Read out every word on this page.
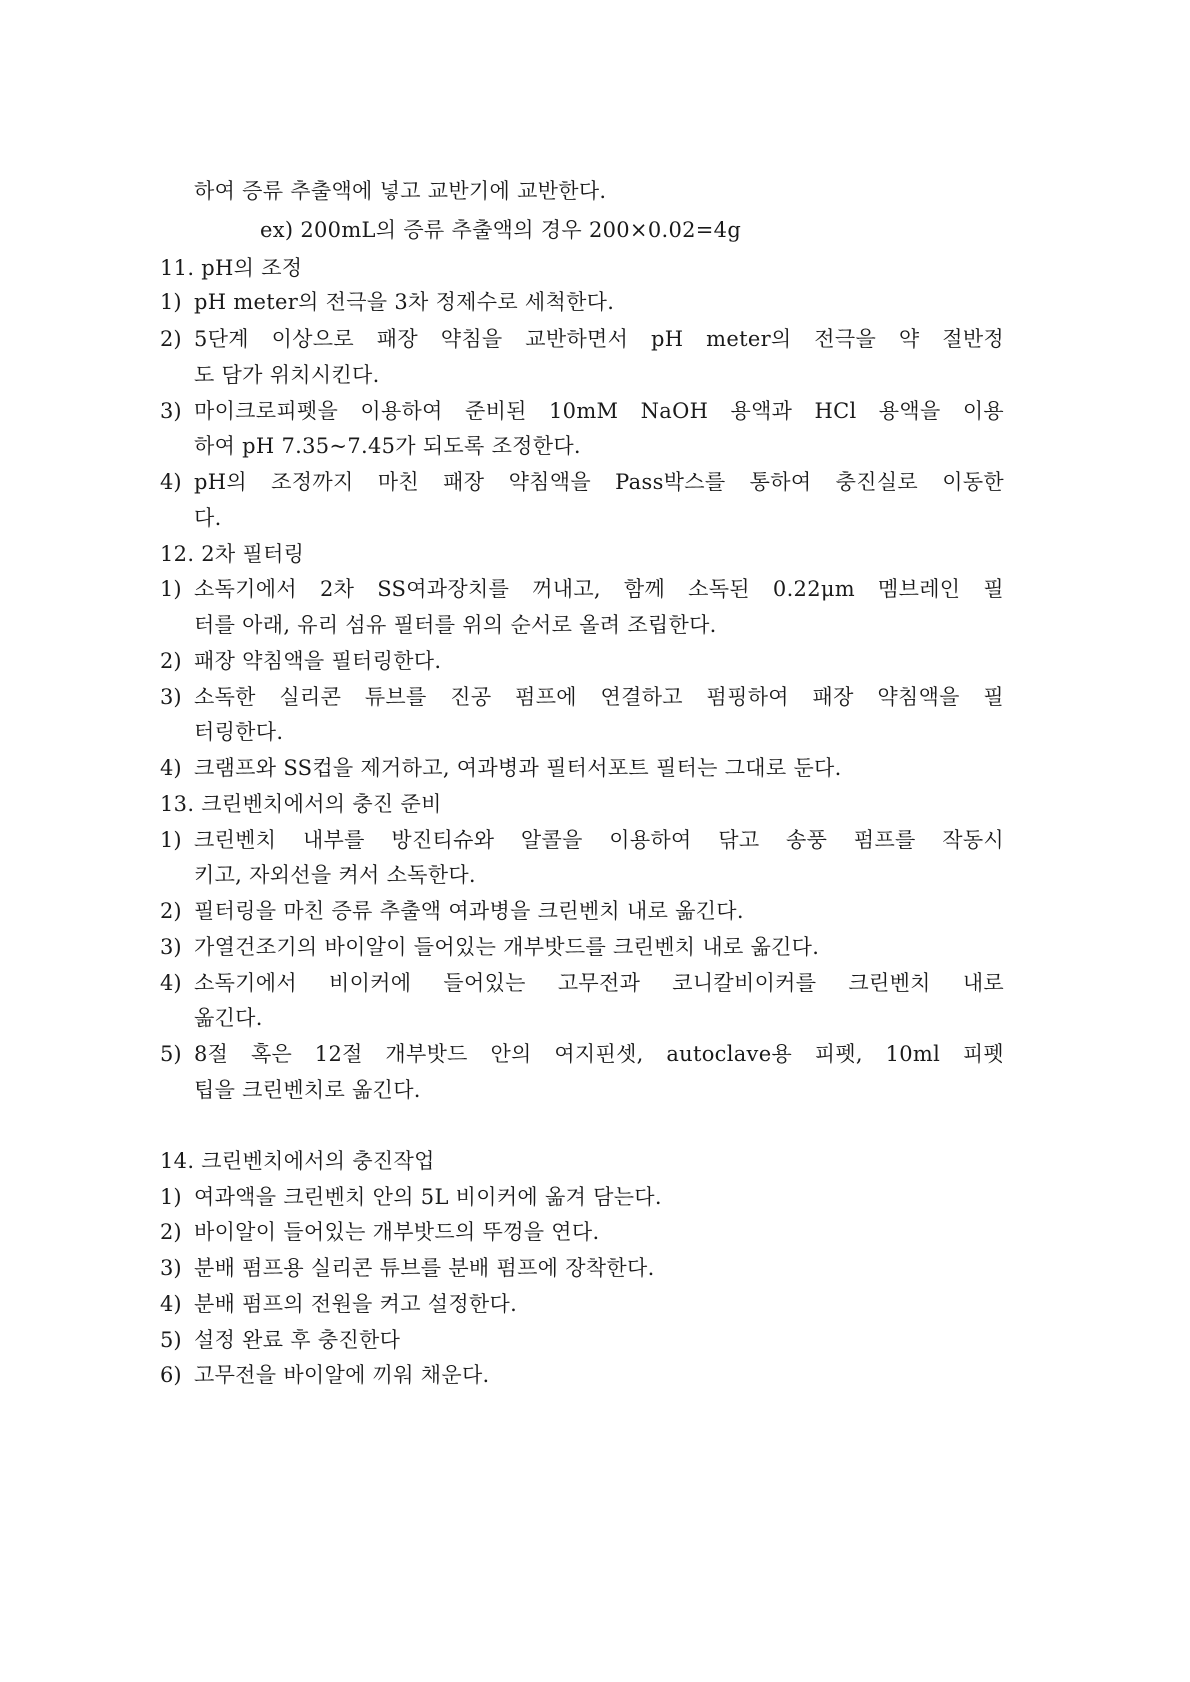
하여 증류 추출액에 넣고 교반기에 교반한다.
ex) 200mL의 증류 추출액의 경우 200×0.02=4g
11. pH의 조정
1) pH meter의 전극을 3차 정제수로 세척한다.
2) 5단계 이상으로 패장 약침을 교반하면서 pH meter의 전극을 약 절반정
도 담가 위치시킨다.
3) 마이크로피펫을 이용하여 준비된 10mM NaOH 용액과 HCl 용액을 이용
하여 pH 7.35~7.45가 되도록 조정한다.
4) pH의 조정까지 마친 패장 약침액을 Pass박스를 통하여 충진실로 이동한
다.
12. 2차 필터링
1) 소독기에서 2차 SS여과장치를 꺼내고, 함께 소독된 0.22μm 멤브레인 필
터를 아래, 유리 섬유 필터를 위의 순서로 올려 조립한다.
2) 패장 약침액을 필터링한다.
3) 소독한 실리콘 튜브를 진공 펌프에 연결하고 펌핑하여 패장 약침액을 필
터링한다.
4) 크램프와 SS컵을 제거하고, 여과병과 필터서포트 필터는 그대로 둔다.
13. 크린벤치에서의 충진 준비
1) 크린벤치 내부를 방진티슈와 알콜을 이용하여 닦고 송풍 펌프를 작동시
키고, 자외선을 켜서 소독한다.
2) 필터링을 마친 증류 추출액 여과병을 크린벤치 내로 옮긴다.
3) 가열건조기의 바이알이 들어있는 개부밧드를 크린벤치 내로 옮긴다.
4) 소독기에서 비이커에 들어있는 고무전과 코니칼비이커를 크린벤치 내로
옮긴다.
5) 8절 혹은 12절 개부밧드 안의 여지핀셋, autoclave용 피펫, 10ml 피펫
팁을 크린벤치로 옮긴다.
14. 크린벤치에서의 충진작업
1) 여과액을 크린벤치 안의 5L 비이커에 옮겨 담는다.
2) 바이알이 들어있는 개부밧드의 뚜껑을 연다.
3) 분배 펌프용 실리콘 튜브를 분배 펌프에 장착한다.
4) 분배 펌프의 전원을 켜고 설정한다.
5) 설정 완료 후 충진한다
6) 고무전을 바이알에 끼워 채운다.
